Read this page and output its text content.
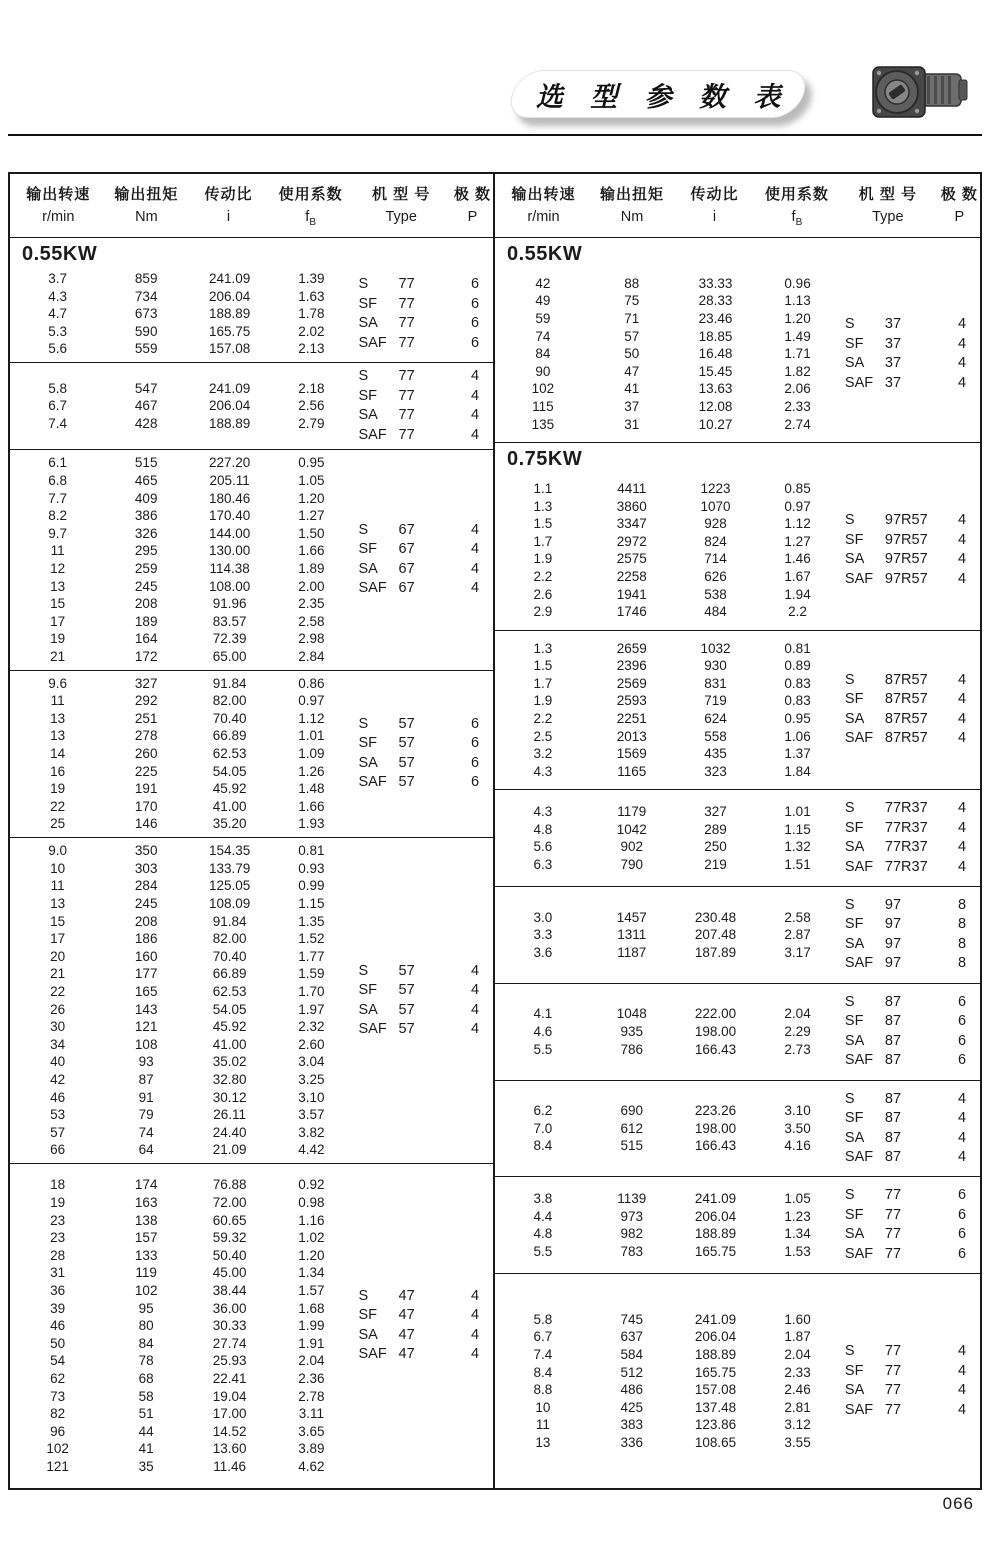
选 型 参 数 表
输出转速	输出扭矩	传动比	使用系数	机 型 号	极 数
r/min	Nm	i	$f_B$	Type	P
0.55KW
3.7	859	241.09	1.39
4.3	734	206.04	1.63
4.7	673	188.89	1.78
5.3	590	165.75	2.02
5.6	559	157.08	2.13
S	77	6
SF	77	6
SA	77	6
SAF 77	6
5.8	547	241.09	2.18
6.7	467	206.04	2.56
7.4	428	188.89	2.79
S	77	4
SF	77	4
SA	77	4
SAF 77	4
6.1	515	227.20	0.95
6.8	465	205.11	1.05
7.7	409	180.46	1.20
8.2	386	170.40	1.27
9.7	326	144.00	1.50
11	295	130.00	1.66
12	259	114.38	1.89
13	245	108.00	2.00
15	208	91.96	2.35
17	189	83.57	2.58
19	164	72.39	2.98
21	172	65.00	2.84
S	67	4
SF	67	4
SA	67	4
SAF 67	4
9.6	327	91.84	0.86
11	292	82.00	0.97
13	251	70.40	1.12
13	278	66.89	1.01
14	260	62.53	1.09
16	225	54.05	1.26
19	191	45.92	1.48
22	170	41.00	1.66
25	146	35.20	1.93
S	57	6
SF	57	6
SA	57	6
SAF 57	6
9.0	350	154.35	0.81
10	303	133.79	0.93
11	284	125.05	0.99
13	245	108.09	1.15
15	208	91.84	1.35
17	186	82.00	1.52
20	160	70.40	1.77
21	177	66.89	1.59
22	165	62.53	1.70
26	143	54.05	1.97
30	121	45.92	2.32
34	108	41.00	2.60
40	93	35.02	3.04
42	87	32.80	3.25
46	91	30.12	3.10
53	79	26.11	3.57
57	74	24.40	3.82
66	64	21.09	4.42
S	57	4
SF	57	4
SA	57	4
SAF 57	4
18	174	76.88	0.92
19	163	72.00	0.98
23	138	60.65	1.16
23	157	59.32	1.02
28	133	50.40	1.20
31	119	45.00	1.34
36	102	38.44	1.57
39	95	36.00	1.68
46	80	30.33	1.99
50	84	27.74	1.91
54	78	25.93	2.04
62	68	22.41	2.36
73	58	19.04	2.78
82	51	17.00	3.11
96	44	14.52	3.65
102	41	13.60	3.89
121	35	11.46	4.62
S	47	4
SF	47	4
SA	47	4
SAF 47	4
输出转速	输出扭矩	传动比	使用系数	机 型 号	极 数
r/min	Nm	i	$f_B$	Type	P
0.55KW
42	88	33.33	0.96
49	75	28.33	1.13
59	71	23.46	1.20
74	57	18.85	1.49
84	50	16.48	1.71
90	47	15.45	1.82
102	41	13.63	2.06
115	37	12.08	2.33
135	31	10.27	2.74
S	37	4
SF	37	4
SA	37	4
SAF 37	4
0.75KW
1.1	4411	1223	0.85
1.3	3860	1070	0.97
1.5	3347	928	1.12
1.7	2972	824	1.27
1.9	2575	714	1.46
2.2	2258	626	1.67
2.6	1941	538	1.94
2.9	1746	484	2.2
S	97R57	4
SF	97R57	4
SA	97R57	4
SAF 97R57	4
1.3	2659	1032	0.81
1.5	2396	930	0.89
1.7	2569	831	0.83
1.9	2593	719	0.83
2.2	2251	624	0.95
2.5	2013	558	1.06
3.2	1569	435	1.37
4.3	1165	323	1.84
S	87R57	4
SF	87R57	4
SA	87R57	4
SAF 87R57	4
4.3	1179	327	1.01
4.8	1042	289	1.15
5.6	902	250	1.32
6.3	790	219	1.51
S	77R37	4
SF	77R37	4
SA	77R37	4
SAF 77R37	4
3.0	1457	230.48	2.58
3.3	1311	207.48	2.87
3.6	1187	187.89	3.17
S	97	8
SF	97	8
SA	97	8
SAF 97	8
4.1	1048	222.00	2.04
4.6	935	198.00	2.29
5.5	786	166.43	2.73
S	87	6
SF	87	6
SA	87	6
SAF 87	6
6.2	690	223.26	3.10
7.0	612	198.00	3.50
8.4	515	166.43	4.16
S	87	4
SF	87	4
SA	87	4
SAF 87	4
3.8	1139	241.09	1.05
4.4	973	206.04	1.23
4.8	982	188.89	1.34
5.5	783	165.75	1.53
S	77	6
SF	77	6
SA	77	6
SAF 77	6
5.8	745	241.09	1.60
6.7	637	206.04	1.87
7.4	584	188.89	2.04
8.4	512	165.75	2.33
8.8	486	157.08	2.46
10	425	137.48	2.81
11	383	123.86	3.12
13	336	108.65	3.55
S	77	4
SF	77	4
SA	77	4
SAF 77	4
066
